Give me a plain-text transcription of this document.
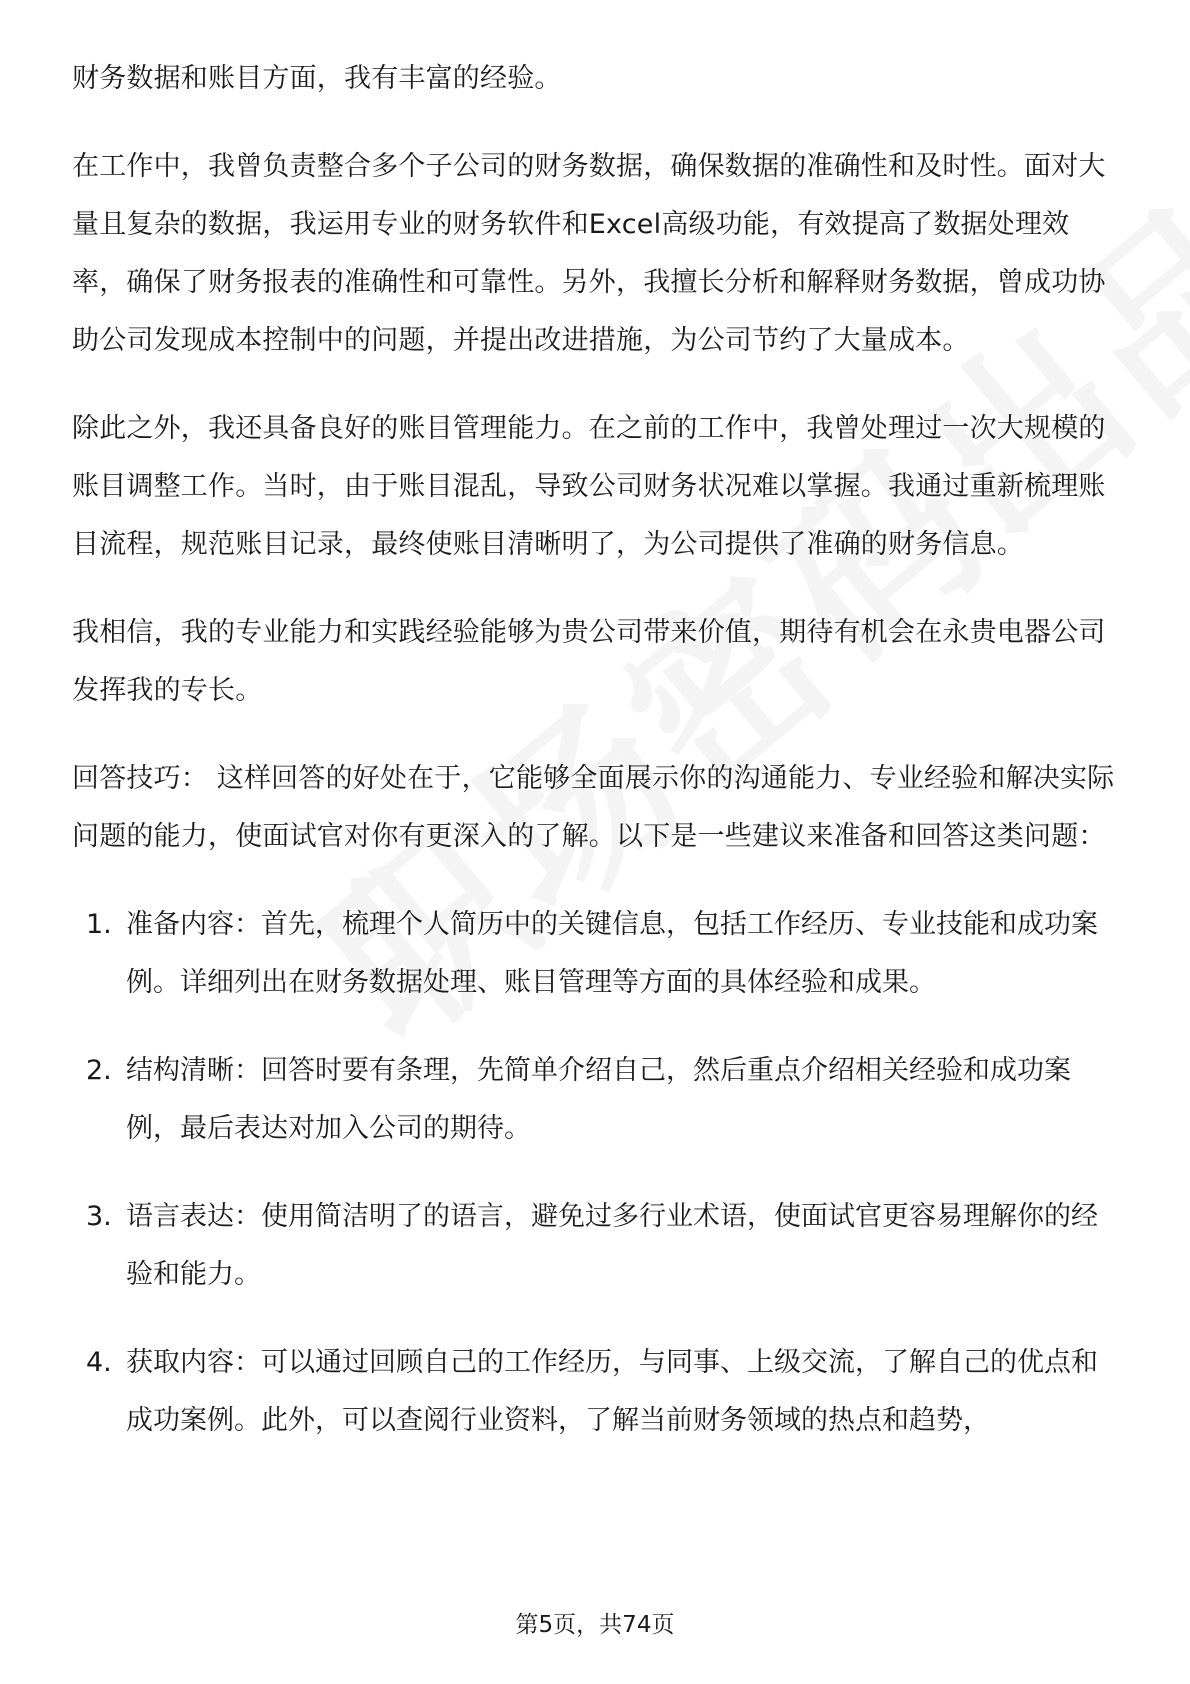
财务数据和账目方面，我有丰富的经验。

在工作中，我曾负责整合多个子公司的财务数据，确保数据的准确性和及时性。面对大量且复杂的数据，我运用专业的财务软件和Excel高级功能，有效提高了数据处理效率，确保了财务报表的准确性和可靠性。另外，我擅长分析和解释财务数据，曾成功协助公司发现成本控制中的问题，并提出改进措施，为公司节约了大量成本。

除此之外，我还具备良好的账目管理能力。在之前的工作中，我曾处理过一次大规模的账目调整工作。当时，由于账目混乱，导致公司财务状况难以掌握。我通过重新梳理账目流程，规范账目记录，最终使账目清晰明了，为公司提供了准确的财务信息。

我相信，我的专业能力和实践经验能够为贵公司带来价值，期待有机会在永贵电器公司发挥我的专长。

回答技巧： 这样回答的好处在于，它能够全面展示你的沟通能力、专业经验和解决实际问题的能力，使面试官对你有更深入的了解。以下是一些建议来准备和回答这类问题：

1. 准备内容：首先，梳理个人简历中的关键信息，包括工作经历、专业技能和成功案例。详细列出在财务数据处理、账目管理等方面的具体经验和成果。
2. 结构清晰：回答时要有条理，先简单介绍自己，然后重点介绍相关经验和成功案例，最后表达对加入公司的期待。
3. 语言表达：使用简洁明了的语言，避免过多行业术语，使面试官更容易理解你的经验和能力。
4. 获取内容：可以通过回顾自己的工作经历，与同事、上级交流，了解自己的优点和成功案例。此外，可以查阅行业资料，了解当前财务领域的热点和趋势，
第5页，共74页
